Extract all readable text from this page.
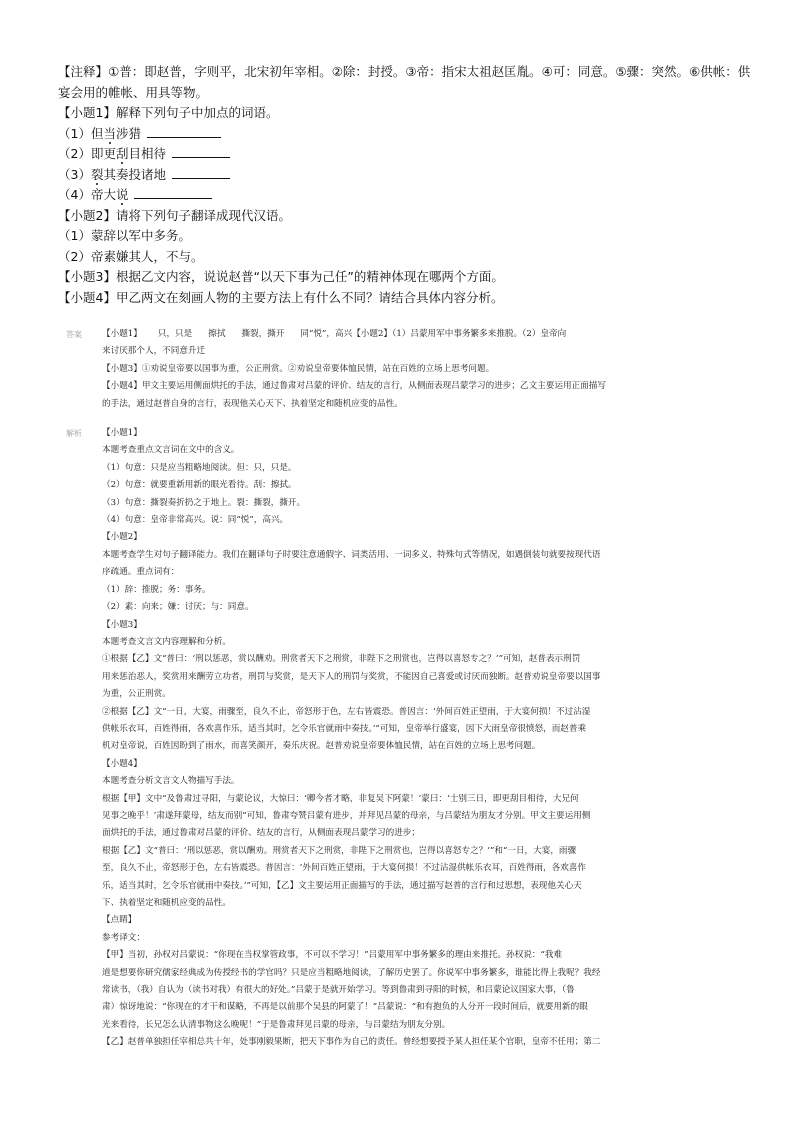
【注释】①普：即赵普，字则平，北宋初年宰相。②除：封授。③帝：指宋太祖赵匡胤。④可：同意。⑤骤：突然。⑥供帐：供宴会用的帷帐、用具等物。

【小题1】解释下列句子中加点的词语。

（1）但当涉猎

（2）即更刮目相待

（3）裂其奏投诸地

（4）帝大说

【小题2】请将下列句子翻译成现代汉语。

（1）蒙辞以军中多务。

（2）帝素嫌其人，不与。

【小题3】根据乙文内容，说说赵普“以天下事为己任”的精神体现在哪两个方面。

【小题4】甲乙两文在刻画人物的主要方法上有什么不同？请结合具体内容分析。

答案	【小题1】 只，只是 擦拭 撕裂，撕开 同“悦”，高兴【小题2】（1）吕蒙用军中事务繁多来推脱。（2）皇帝向

来讨厌那个人，不同意升迁

【小题3】①劝说皇帝要以国事为重，公正刑赏。②劝说皇帝要体恤民情，站在百姓的立场上思考问题。

【小题4】甲文主要运用侧面烘托的手法，通过鲁肃对吕蒙的评价、结友的言行，从侧面表现吕蒙学习的进步；乙文主要运用正面描写

的手法，通过赵普自身的言行，表现他关心天下、执着坚定和随机应变的品性。

解析	【小题1】

本题考查重点文言词在文中的含义。

（1）句意：只是应当粗略地阅读。但：只，只是。

（2）句意：就要重新用新的眼光看待。刮：擦拭。

（3）句意：撕裂奏折扔之于地上。裂：撕裂，撕开。

（4）句意：皇帝非常高兴。说：同“悦”，高兴。

【小题2】

本题考查学生对句子翻译能力。我们在翻译句子时要注意通假字、词类活用、一词多义、特殊句式等情况，如遇倒装句就要按现代语

序疏通。重点词有：

（1）辞：推脱；务：事务。

（2）素：向来；嫌：讨厌；与：同意。

【小题3】

本题考查文言文内容理解和分析。

①根据【乙】文“普曰：‘刑以惩恶，赏以酬劝。刑赏者天下之刑赏，非陛下之刑赏也，岂得以喜怒专之？’”可知，赵普表示刑罚

用来惩治恶人，奖赏用来酬劳立功者，刑罚与奖赏，是天下人的刑罚与奖赏，不能因自己喜爱或讨厌而独断。赵普劝说皇帝要以国事

为重，公正刑赏。

②根据【乙】文“一日，大宴，雨骤至，良久不止，帝怒形于色，左右皆震恐。普因言：‘外间百姓正望雨，于大宴何损！不过沾湿

供帐乐衣耳，百姓得雨，各欢喜作乐，适当其时，乞令乐官就雨中奏技。’”可知，皇帝举行盛宴，因下大雨皇帝很愤怒，而赵普乘

机对皇帝说，百姓因盼到了雨水，而喜笑颜开，奏乐庆祝。赵普劝说皇帝要体恤民情，站在百姓的立场上思考问题。

【小题4】

本题考查分析文言文人物描写手法。

根据【甲】文中“及鲁肃过寻阳，与蒙论议，大惊曰：‘卿今者才略，非复吴下阿蒙！’蒙曰：‘士别三日，即更刮目相待，大兄何

见事之晚乎！’肃遂拜蒙母，结友而别”可知，鲁肃夸赞吕蒙有进步，并拜见吕蒙的母亲，与吕蒙结为朋友才分别。甲文主要运用侧

面烘托的手法，通过鲁肃对吕蒙的评价、结友的言行，从侧面表现吕蒙学习的进步；

根据【乙】文“普曰：‘刑以惩恶，赏以酬劝。刑赏者天下之刑赏，非陛下之刑赏也，岂得以喜怒专之？’”和“一日，大宴，雨骤

至，良久不止，帝怒形于色，左右皆震恐。普因言：‘外间百姓正望雨，于大宴何损！不过沾湿供帐乐衣耳，百姓得雨，各欢喜作

乐，适当其时，乞令乐官就雨中奏技。’”可知，【乙】文主要运用正面描写的手法，通过描写赵普的言行和过思想，表现他关心天

下、执着坚定和随机应变的品性。

【点睛】

参考译文：

【甲】当初，孙权对吕蒙说：“你现在当权掌管政事，不可以不学习！”吕蒙用军中事务繁多的理由来推托。孙权说：“我难

道是想要你研究儒家经典成为传授经书的学官吗？只是应当粗略地阅读，了解历史罢了。你说军中事务繁多，谁能比得上我呢？我经

常读书，（我）自认为（读书对我）有很大的好处。”吕蒙于是就开始学习。等到鲁肃到寻阳的时候，和吕蒙论议国家大事，（鲁

肃）惊讶地说：“你现在的才干和谋略，不再是以前那个吴县的阿蒙了！”吕蒙说：“和有抱负的人分开一段时间后，就要用新的眼

光来看待，长兄怎么认清事物这么晚呢！”于是鲁肃拜见吕蒙的母亲，与吕蒙结为朋友分别。

【乙】赵普单独担任宰相总共十年，处事刚毅果断，把天下事作为自己的责任。曾经想要授予某人担任某个官职，皇帝不任用；第二
